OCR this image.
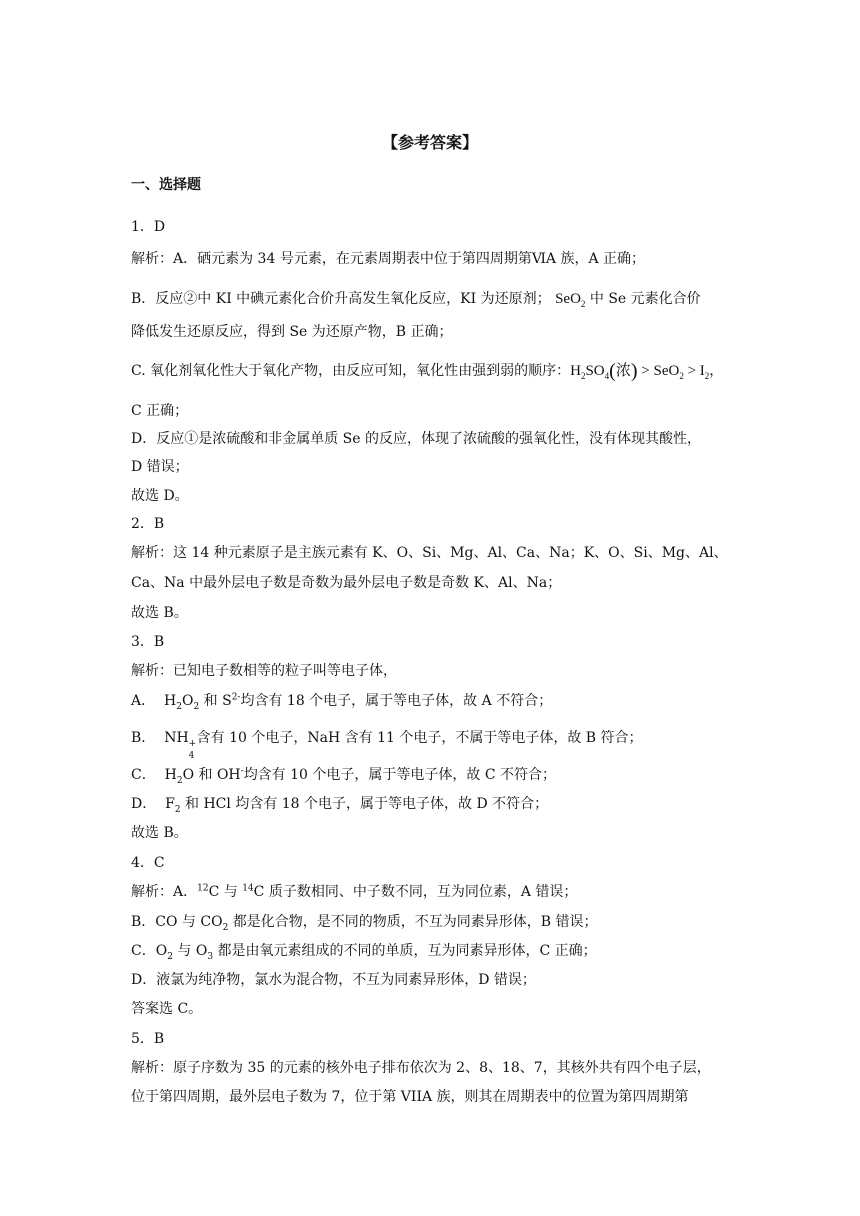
【参考答案】
一、选择题
1．D
解析：A．硒元素为 34 号元素，在元素周期表中位于第四周期第ⅥA 族，A 正确；
B．反应②中 KI 中碘元素化合价升高发生氧化反应，KI 为还原剂； SeO$_2$ 中 Se 元素化合价
降低发生还原反应，得到 Se 为还原产物，B 正确；
C. 氧化剂氧化性大于氧化产物，由反应可知，氧化性由强到弱的顺序：$H_2SO_4$(浓) > $SeO_2 > I_2$，
C 正确；
D．反应①是浓硫酸和非金属单质 Se 的反应，体现了浓硫酸的强氧化性，没有体现其酸性，
D 错误；
故选 D。
2．B
解析：这 14 种元素原子是主族元素有 K、O、Si、Mg、Al、Ca、Na；K、O、Si、Mg、Al、
Ca、Na 中最外层电子数是奇数为最外层电子数是奇数 K、Al、Na；
故选 B。
3．B
解析：已知电子数相等的粒子叫等电子体，
A．  $H_2O_2$ 和 $S^{2-}$均含有 18 个电子，属于等电子体，故 A 不符合；
B．  NH +
4
含有 10 个电子，NaH 含有 11 个电子，不属于等电子体，故 B 符合；
C．  $H_2O$ 和 OH-均含有 10 个电子，属于等电子体，故 C 不符合；
D．  $F_2$ 和 HCl 均含有 18 个电子，属于等电子体，故 D 不符合；
故选 B。
4．C
解析：A．$^{12}$C 与 $^{14}$C 质子数相同、中子数不同，互为同位素，A 错误；
B．CO 与 $CO_2$ 都是化合物，是不同的物质，不互为同素异形体，B 错误；
C．$O_2$ 与 $O_3$ 都是由氧元素组成的不同的单质，互为同素异形体，C 正确；
D．液氯为纯净物，氯水为混合物，不互为同素异形体，D 错误；
答案选 C。
5．B
解析：原子序数为 35 的元素的核外电子排布依次为 2、8、18、7，其核外共有四个电子层，
位于第四周期，最外层电子数为 7，位于第 VIIA 族，则其在周期表中的位置为第四周期第
